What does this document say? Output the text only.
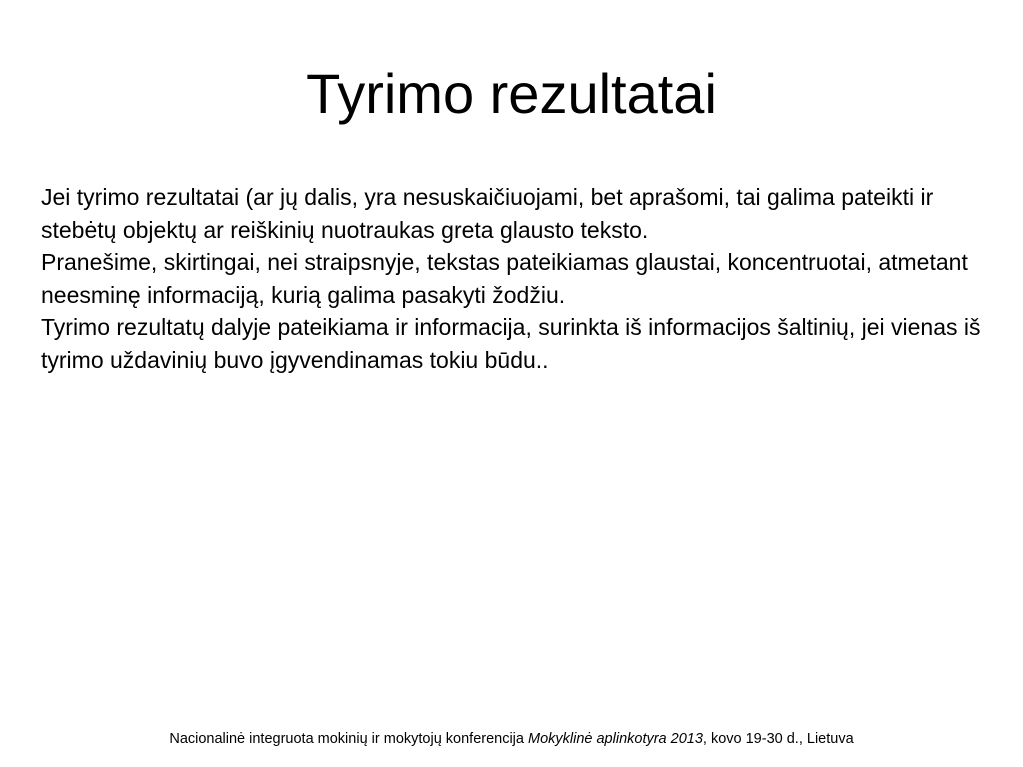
Tyrimo rezultatai

Jei tyrimo rezultatai (ar jų dalis, yra nesuskaičiuojami, bet aprašomi, tai galima pateikti ir stebėtų objektų ar reiškinių nuotraukas greta glausto teksto.

Pranešime, skirtingai, nei straipsnyje, tekstas pateikiamas glaustai, koncentruotai, atmetant neesminę informaciją, kurią galima pasakyti žodžiu.

Tyrimo rezultatų dalyje pateikiama ir informacija, surinkta iš informacijos šaltinių, jei vienas iš tyrimo uždavinių buvo įgyvendinamas tokiu būdu..

Nacionalinė integruota mokinių ir mokytojų konferencija Mokyklinė aplinkotyra 2013, kovo 19-30 d., Lietuva
